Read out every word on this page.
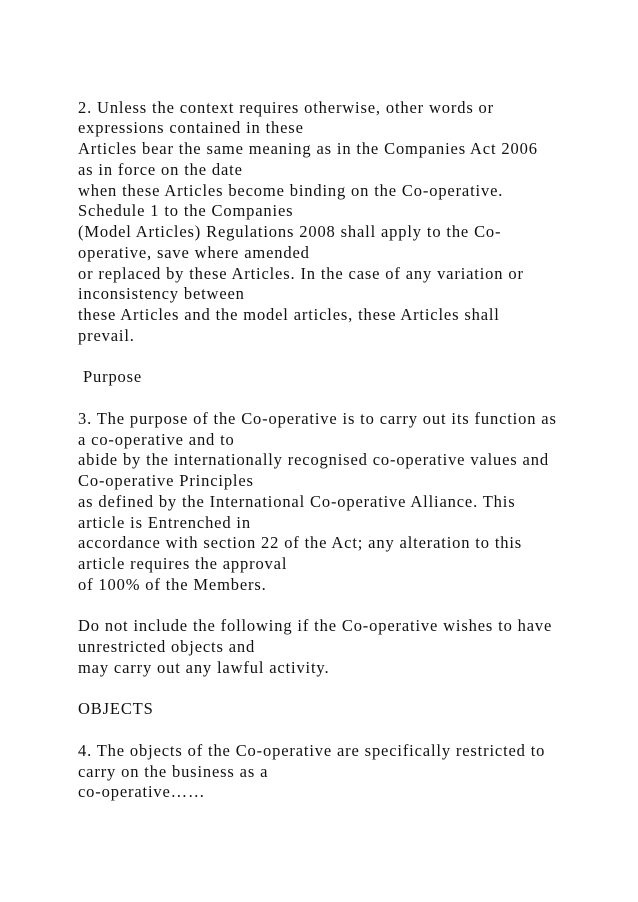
2. Unless the context requires otherwise, other words or
expressions contained in these
Articles bear the same meaning as in the Companies Act 2006
as in force on the date
when these Articles become binding on the Co-operative.
Schedule 1 to the Companies
(Model Articles) Regulations 2008 shall apply to the Co-
operative, save where amended
or replaced by these Articles. In the case of any variation or
inconsistency between
these Articles and the model articles, these Articles shall
prevail.
Purpose
3. The purpose of the Co-operative is to carry out its function as
a co-operative and to
abide by the internationally recognised co-operative values and
Co-operative Principles
as defined by the International Co-operative Alliance. This
article is Entrenched in
accordance with section 22 of the Act; any alteration to this
article requires the approval
of 100% of the Members.
Do not include the following if the Co-operative wishes to have
unrestricted objects and
may carry out any lawful activity.
OBJECTS
4. The objects of the Co-operative are specifically restricted to
carry on the business as a
co-operative……
